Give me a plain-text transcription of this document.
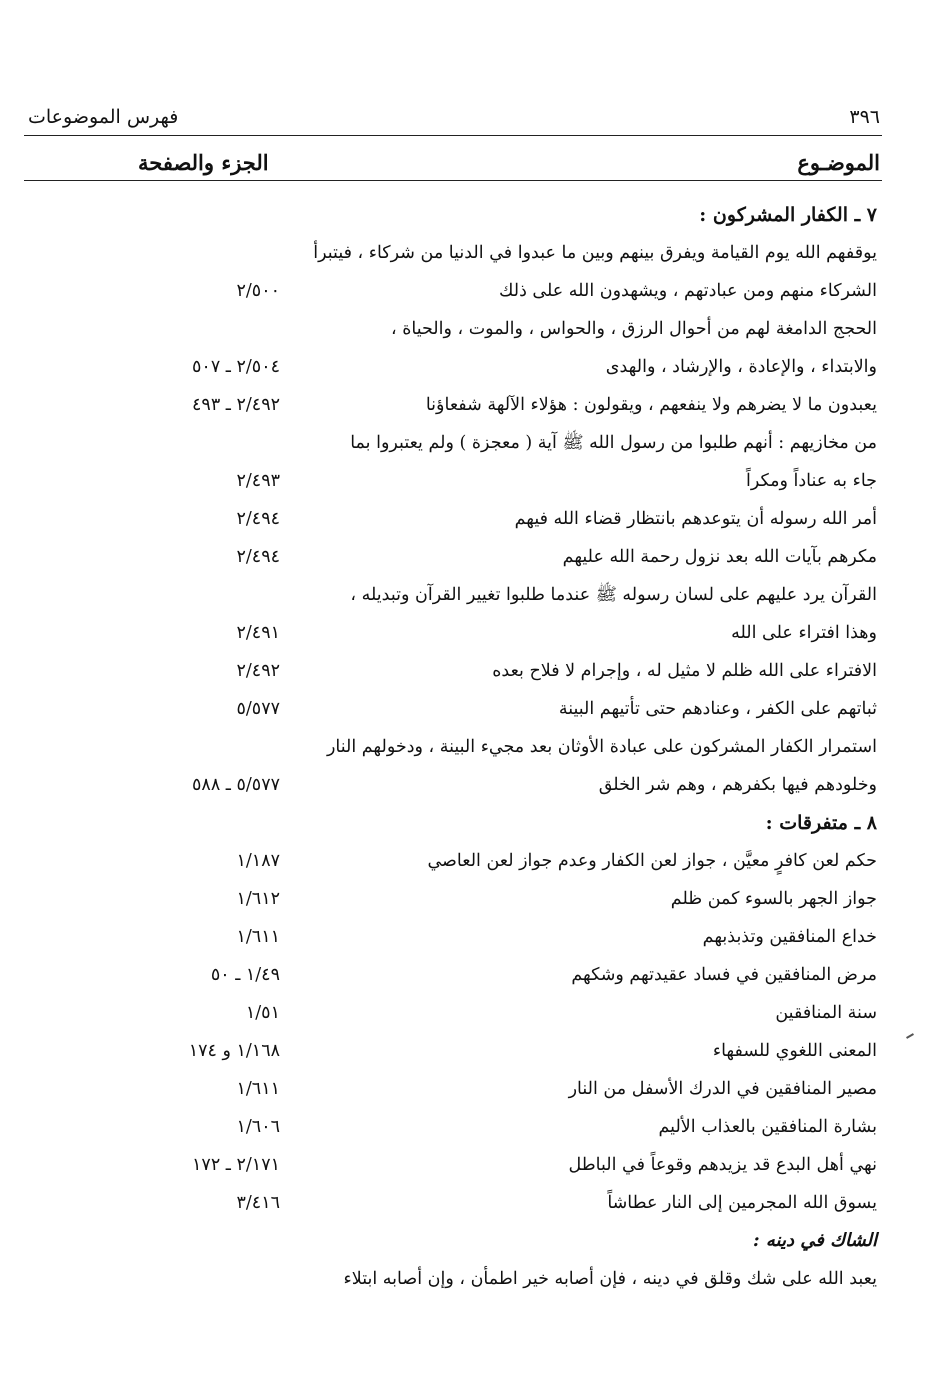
فهرس الموضوعات	٣٩٦
الجزء والصفحة	الموضـوع
٧ ـ الكفار المشركون :
يوقفهم الله يوم القيامة ويفرق بينهم وبين ما عبدوا في الدنيا من شركاء ، فيتبرأ
الشركاء منهم ومن عبادتهم ، ويشهدون الله على ذلك
٢/٥٠٠
الحجج الدامغة لهم من أحوال الرزق ، والحواس ، والموت ، والحياة ،
والابتداء ، والإعادة ، والإرشاد ، والهدى
٢/٥٠٤ ـ ٥٠٧
يعبدون ما لا يضرهم ولا ينفعهم ، ويقولون : هؤلاء الآلهة شفعاؤنا
٢/٤٩٢ ـ ٤٩٣
من مخازيهم : أنهم طلبوا من رسول الله ﷺ آية ( معجزة ) ولم يعتبروا بما
جاء به عناداً ومكراً
٢/٤٩٣
أمر الله رسوله أن يتوعدهم بانتظار قضاء الله فيهم
٢/٤٩٤
مكرهم بآيات الله بعد نزول رحمة الله عليهم
٢/٤٩٤
القرآن يرد عليهم على لسان رسوله ﷺ عندما طلبوا تغيير القرآن وتبديله ،
وهذا افتراء على الله
٢/٤٩١
الافتراء على الله ظلم لا مثيل له ، وإجرام لا فلاح بعده
٢/٤٩٢
ثباتهم على الكفر ، وعنادهم حتى تأتيهم البينة
٥/٥٧٧
استمرار الكفار المشركون على عبادة الأوثان بعد مجيء البينة ، ودخولهم النار
وخلودهم فيها بكفرهم ، وهم شر الخلق
٥/٥٧٧ ـ ٥٨٨
٨ ـ متفرقات :
حكم لعن كافرٍ معيَّن ، جواز لعن الكفار وعدم جواز لعن العاصي
١/١٨٧
جواز الجهر بالسوء كمن ظلم
١/٦١٢
خداع المنافقين وتذبذبهم
١/٦١١
مرض المنافقين في فساد عقيدتهم وشكهم
١/٤٩ ـ ٥٠
سنة المنافقين
١/٥١
المعنى اللغوي للسفهاء
١/١٦٨ و ١٧٤
مصير المنافقين في الدرك الأسفل من النار
١/٦١١
بشارة المنافقين بالعذاب الأليم
١/٦٠٦
نهي أهل البدع قد يزيدهم وقوعاً في الباطل
٢/١٧١ ـ ١٧٢
يسوق الله المجرمين إلى النار عطاشاً
٣/٤١٦
الشاك في دينه :
يعبد الله على شك وقلق في دينه ، فإن أصابه خير اطمأن ، وإن أصابه ابتلاء
